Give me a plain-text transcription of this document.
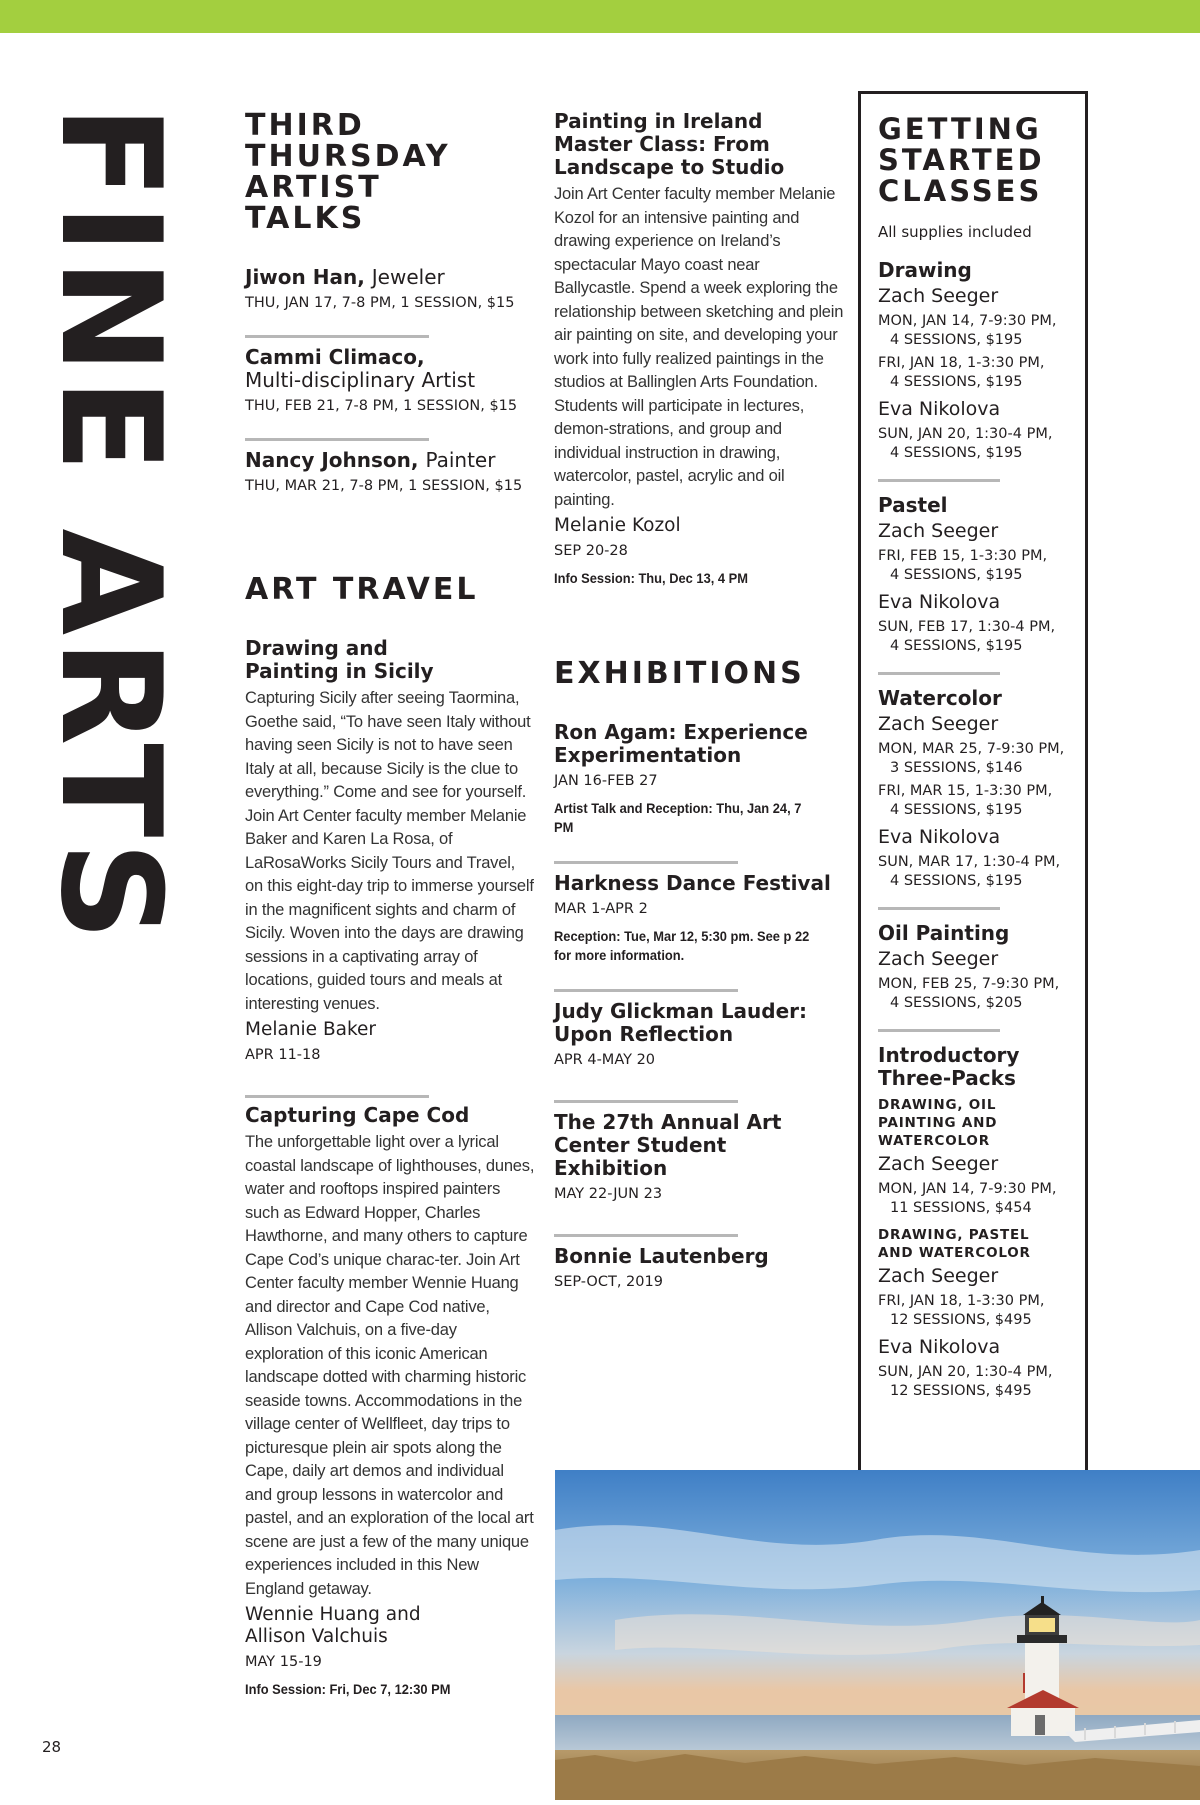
FINE ARTS THIRD THURSDAY ARTIST TALKS
Jiwon Han, Jeweler
THU, JAN 17, 7-8 PM, 1 SESSION, $15
Cammi Climaco,
Multi-disciplinary Artist
THU, FEB 21, 7-8 PM, 1 SESSION, $15
Nancy Johnson, Painter
THU, MAR 21, 7-8 PM, 1 SESSION, $15
ART TRAVEL
Drawing and Painting in Sicily
Capturing Sicily after seeing Taormina, Goethe said, “To have seen Italy without having seen Sicily is not to have seen Italy at all, because Sicily is the clue to everything.” Come and see for yourself. Join Art Center faculty member Melanie Baker and Karen La Rosa, of LaRosaWorks Sicily Tours and Travel, on this eight-day trip to immerse yourself in the magnificent sights and charm of Sicily. Woven into the days are drawing sessions in a captivating array of locations, guided tours and meals at interesting venues.
Melanie Baker
APR 11-18
Capturing Cape Cod
The unforgettable light over a lyrical coastal landscape of lighthouses, dunes, water and rooftops inspired painters such as Edward Hopper, Charles Hawthorne, and many others to capture Cape Cod’s unique charac-ter. Join Art Center faculty member Wennie Huang and director and Cape Cod native, Allison Valchuis, on a five-day exploration of this iconic American landscape dotted with charming historic seaside towns. Accommodations in the village center of Wellfleet, day trips to picturesque plein air spots along the Cape, daily art demos and individual and group lessons in watercolor and pastel, and an exploration of the local art scene are just a few of the many unique experiences included in this New England getaway.
Wennie Huang and Allison Valchuis
MAY 15-19
Info Session: Fri, Dec 7, 12:30 PM
Painting in Ireland Master Class: From Landscape to Studio
Join Art Center faculty member Melanie Kozol for an intensive painting and drawing experience on Ireland’s spectacular Mayo coast near Ballycastle. Spend a week exploring the relationship between sketching and plein air painting on site, and developing your work into fully realized paintings in the studios at Ballinglen Arts Foundation. Students will participate in lectures, demon-strations, and group and individual instruction in drawing, watercolor, pastel, acrylic and oil painting.
Melanie Kozol
SEP 20-28
Info Session: Thu, Dec 13, 4 PM
EXHIBITIONS
Ron Agam: Experience Experimentation
JAN 16-FEB 27
Artist Talk and Reception: Thu, Jan 24, 7 PM
Harkness Dance Festival
MAR 1-APR 2
Reception: Tue, Mar 12, 5:30 pm. See p 22 for more information.
Judy Glickman Lauder: Upon Reflection
APR 4-MAY 20
The 27th Annual Art Center Student Exhibition
MAY 22-JUN 23
Bonnie Lautenberg
SEP-OCT, 2019
GETTING STARTED CLASSES
All supplies included
Drawing
Zach Seeger
MON, JAN 14, 7-9:30 PM,
4 SESSIONS, $195
FRI, JAN 18, 1-3:30 PM,
4 SESSIONS, $195
Eva Nikolova
SUN, JAN 20, 1:30-4 PM,
4 SESSIONS, $195
Pastel
Zach Seeger
FRI, FEB 15, 1-3:30 PM,
4 SESSIONS, $195
Eva Nikolova
SUN, FEB 17, 1:30-4 PM,
4 SESSIONS, $195
Watercolor
Zach Seeger
MON, MAR 25, 7-9:30 PM,
3 SESSIONS, $146
FRI, MAR 15, 1-3:30 PM,
4 SESSIONS, $195
Eva Nikolova
SUN, MAR 17, 1:30-4 PM,
4 SESSIONS, $195
Oil Painting
Zach Seeger
MON, FEB 25, 7-9:30 PM,
4 SESSIONS, $205
Introductory Three-Packs
DRAWING, OIL PAINTING AND WATERCOLOR
Zach Seeger
MON, JAN 14, 7-9:30 PM,
11 SESSIONS, $454
DRAWING, PASTEL AND WATERCOLOR
Zach Seeger
FRI, JAN 18, 1-3:30 PM,
12 SESSIONS, $495
Eva Nikolova
SUN, JAN 20, 1:30-4 PM,
12 SESSIONS, $495
28
